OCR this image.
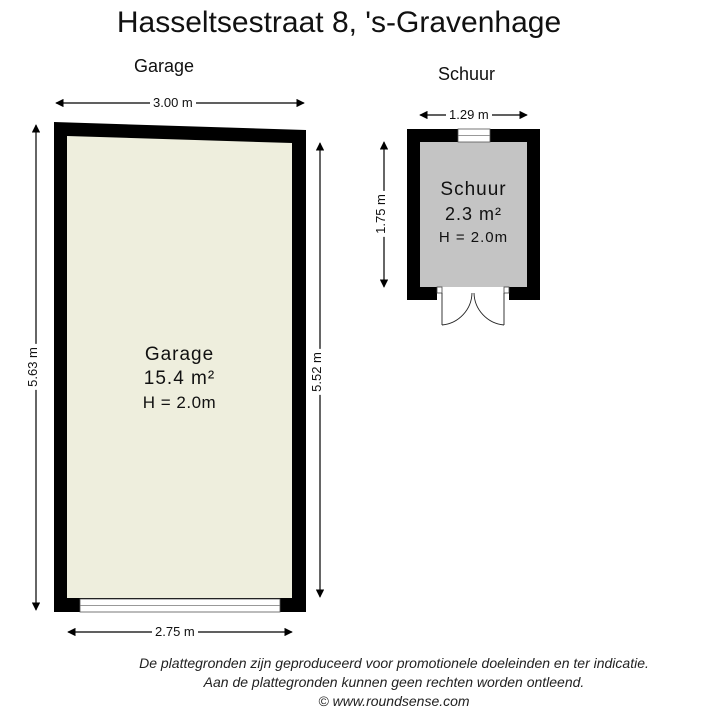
Hasseltsestraat 8, 's-Gravenhage
Garage	Schuur
Garage
15.4 m²
H = 2.0m
Schuur
2.3 m²
H = 2.0m
3.00 m
2.75 m
5.63 m	5.52 m
1.29 m
1.75 m
De plattegronden zijn geproduceerd voor promotionele doeleinden en ter indicatie.
Aan de plattegronden kunnen geen rechten worden ontleend.
© www.roundsense.com
